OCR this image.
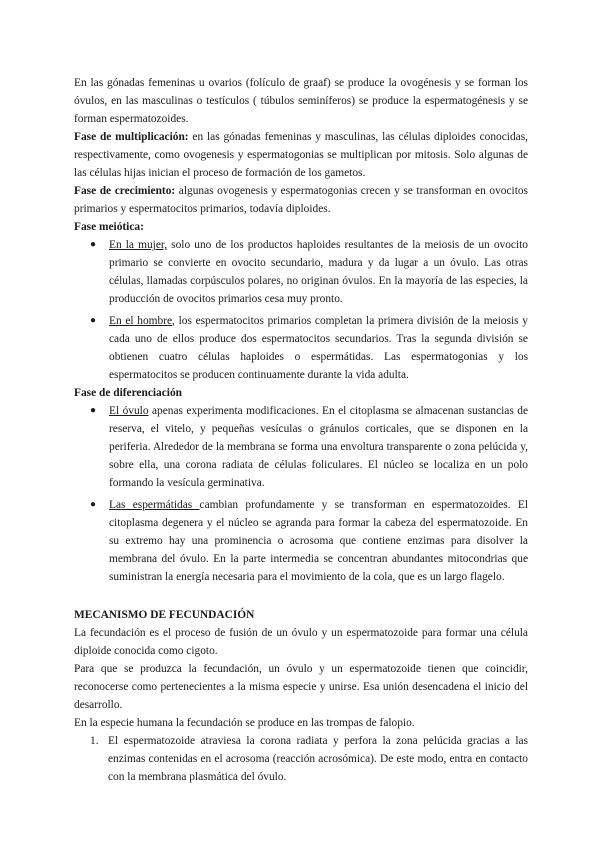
En las gónadas femeninas u ovarios (folículo de graaf) se produce la ovogénesis y se forman los óvulos, en las masculinas o testículos ( túbulos seminíferos) se produce la espermatogénesis y se forman espermatozoides.

Fase de multiplicación: en las gónadas femeninas y masculinas, las células diploides conocidas, respectivamente, como ovogenesis y espermatogonias se multiplican por mitosis. Solo algunas de las células hijas inician el proceso de formación de los gametos.

Fase de crecimiento: algunas ovogenesis y espermatogonias crecen y se transforman en ovocitos primarios y espermatocitos primarios, todavía diploides.

Fase meiótica:

● En la mujer, solo uno de los productos haploides resultantes de la meiosis de un ovocito primario se convierte en ovocito secundario, madura y da lugar a un óvulo. Las otras células, llamadas corpúsculos polares, no originan óvulos. En la mayoría de las especies, la producción de ovocitos primarios cesa muy pronto.
● En el hombre, los espermatocitos primarios completan la primera división de la meiosis y cada uno de ellos produce dos espermatocitos secundarios. Tras la segunda división se obtienen cuatro células haploides o espermátidas. Las espermatogonias y los espermatocitos se producen continuamente durante la vida adulta.

Fase de diferenciación

● El óvulo apenas experimenta modificaciones. En el citoplasma se almacenan sustancias de reserva, el vitelo, y pequeñas vesículas o gránulos corticales, que se disponen en la periferia. Alrededor de la membrana se forma una envoltura transparente o zona pelúcida y, sobre ella, una corona radiata de células foliculares. El núcleo se localiza en un polo formando la vesícula germinativa.
● Las espermátidas cambian profundamente y se transforman en espermatozoides. El citoplasma degenera y el núcleo se agranda para formar la cabeza del espermatozoide. En su extremo hay una prominencia o acrosoma que contiene enzimas para disolver la membrana del óvulo. En la parte intermedia se concentran abundantes mitocondrias que suministran la energía necesaria para el movimiento de la cola, que es un largo flagelo.

MECANISMO DE FECUNDACIÓN

La fecundación es el proceso de fusión de un óvulo y un espermatozoide para formar una célula diploide conocida como cigoto.

Para que se produzca la fecundación, un óvulo y un espermatozoide tienen que coincidir, reconocerse como pertenecientes a la misma especie y unirse. Esa unión desencadena el inicio del desarrollo.

En la especie humana la fecundación se produce en las trompas de falopio.

1. El espermatozoide atraviesa la corona radiata y perfora la zona pelúcida gracias a las enzimas contenidas en el acrosoma (reacción acrosómica). De este modo, entra en contacto con la membrana plasmática del óvulo.
